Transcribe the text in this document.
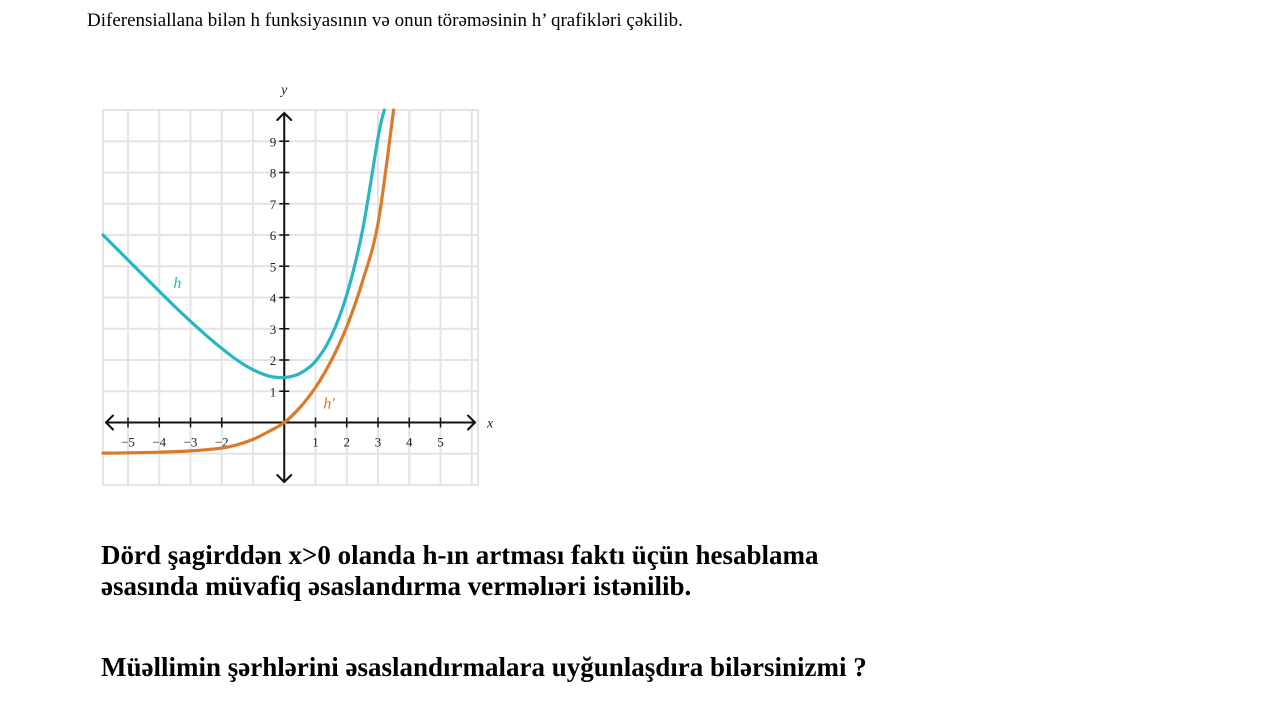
Diferensiallana bilən h funksiyasının və onun törəməsinin h’ qrafikləri çəkilib.
−5 −4 −3 −2	1 2 3 4 5
1
2
3
4
5
6
7
8
9
x
y
h
h′
Dörd şagirddən x>0 olanda h-ın artması faktı üçün hesablama
əsasında müvafiq əsaslandırma verməlıəri istənilib.
Müəllimin şərhlərini əsaslandırmalara uyğunlaşdıra bilərsinizmi ?
